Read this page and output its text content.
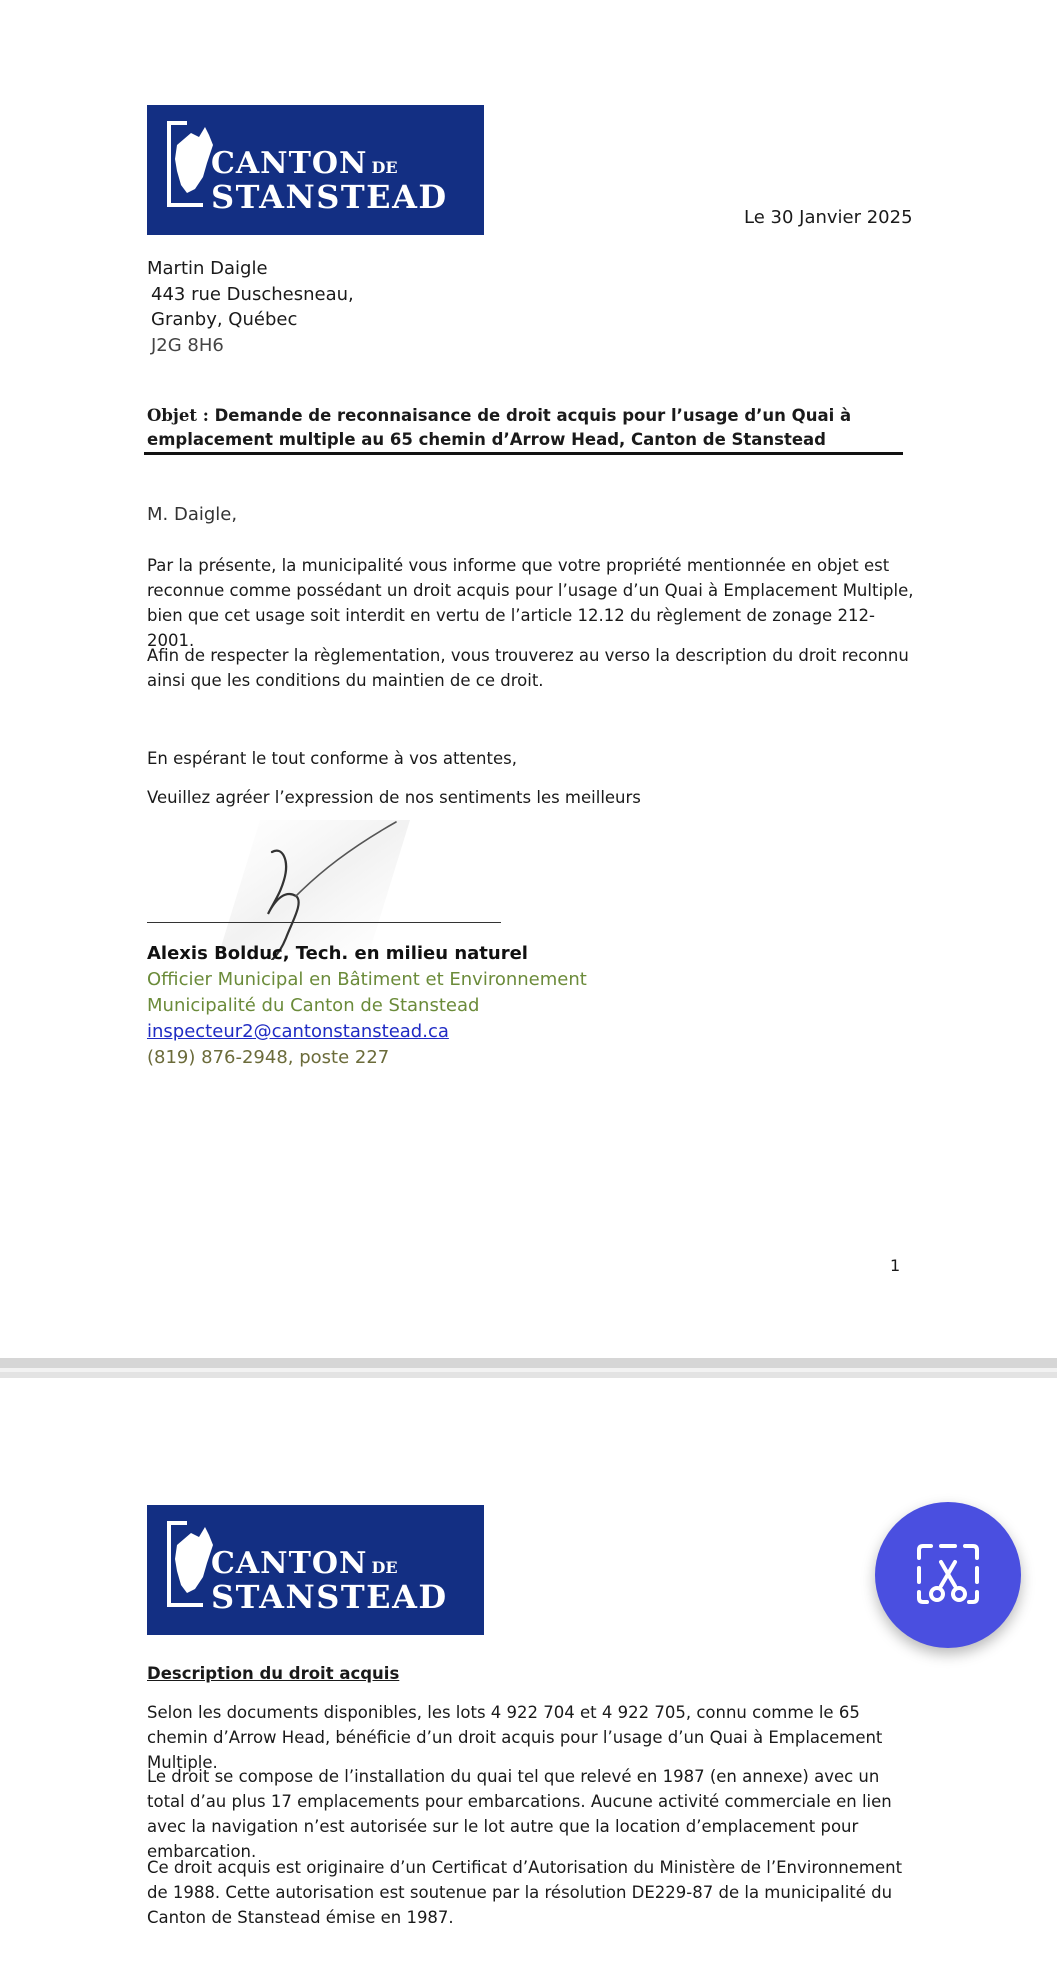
CANTON DE
STANSTEAD
Le 30 Janvier 2025
Martin Daigle
443 rue Duschesneau,
Granby, Québec
J2G 8H6
Objet : Demande de reconnaisance de droit acquis pour l’usage d’un Quai à emplacement multiple au 65 chemin d’Arrow Head, Canton de Stanstead
M. Daigle,
Par la présente, la municipalité vous informe que votre propriété mentionnée en objet est reconnue comme possédant un droit acquis pour l’usage d’un Quai à Emplacement Multiple, bien que cet usage soit interdit en vertu de l’article 12.12 du règlement de zonage 212-2001.
Afin de respecter la règlementation, vous trouverez au verso la description du droit reconnu ainsi que les conditions du maintien de ce droit.
En espérant le tout conforme à vos attentes,
Veuillez agréer l’expression de nos sentiments les meilleurs
Alexis Bolduc, Tech. en milieu naturel
Officier Municipal en Bâtiment et Environnement
Municipalité du Canton de Stanstead
inspecteur2@cantonstanstead.ca
(819) 876-2948, poste 227
1
CANTON DE
STANSTEAD
Description du droit acquis
Selon les documents disponibles, les lots 4 922 704 et 4 922 705, connu comme le 65 chemin d’Arrow Head, bénéficie d’un droit acquis pour l’usage d’un Quai à Emplacement Multiple.
Le droit se compose de l’installation du quai tel que relevé en 1987 (en annexe) avec un total d’au plus 17 emplacements pour embarcations. Aucune activité commerciale en lien avec la navigation n’est autorisée sur le lot autre que la location d’emplacement pour embarcation.
Ce droit acquis est originaire d’un Certificat d’Autorisation du Ministère de l’Environnement de 1988. Cette autorisation est soutenue par la résolution DE229-87 de la municipalité du Canton de Stanstead émise en 1987.
